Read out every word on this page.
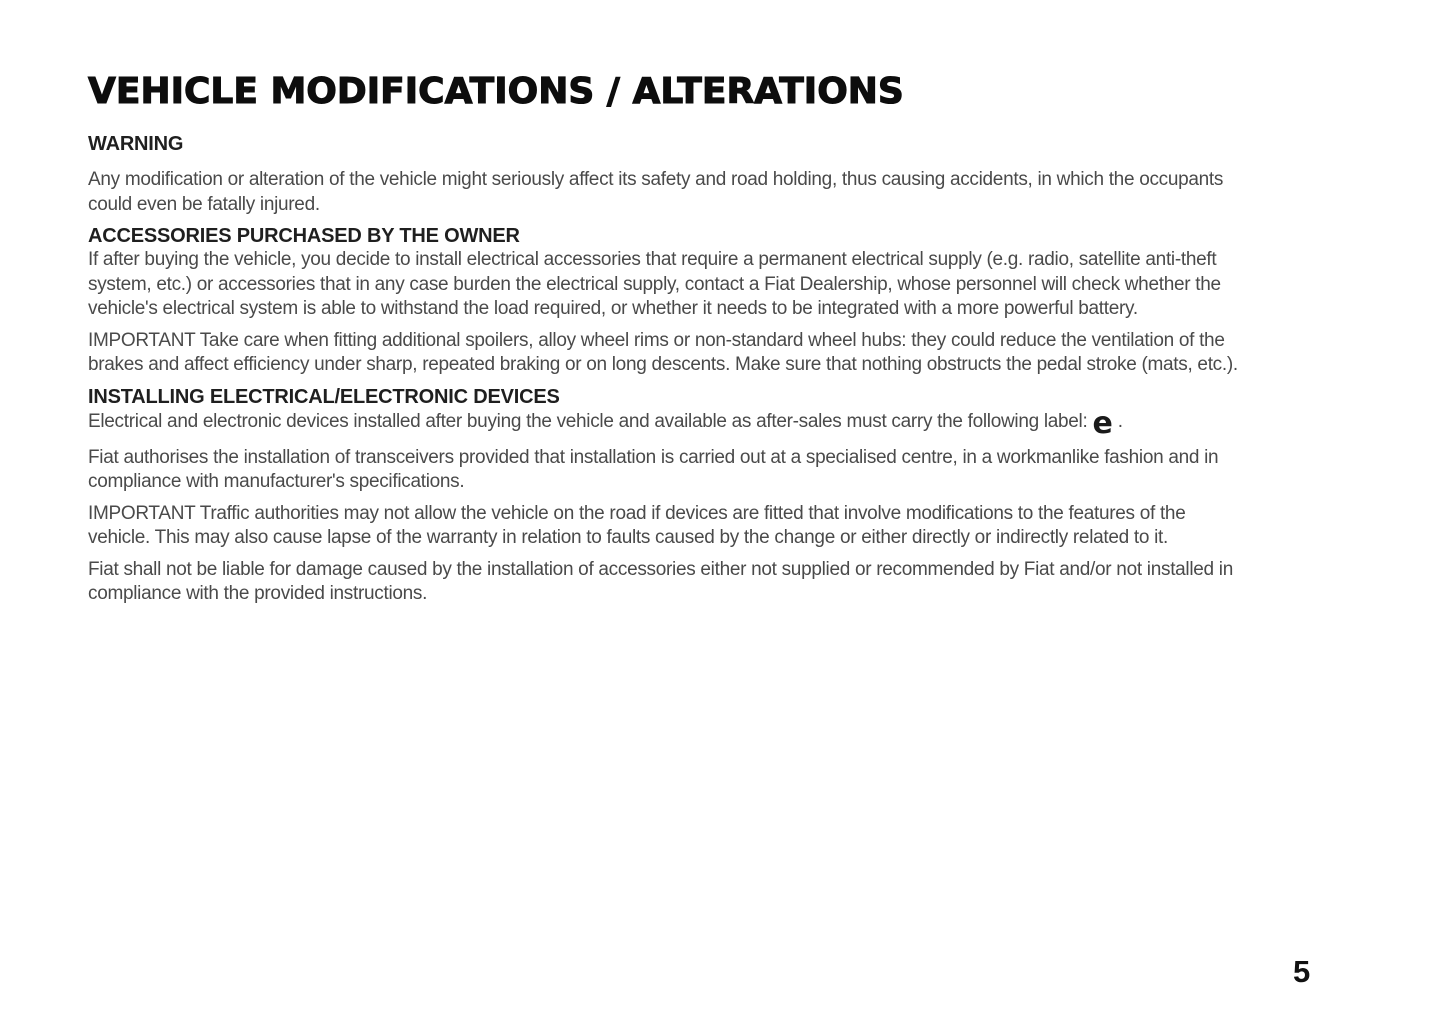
VEHICLE MODIFICATIONS / ALTERATIONS
WARNING

Any modification or alteration of the vehicle might seriously affect its safety and road holding, thus causing accidents, in which the occupants could even be fatally injured.

ACCESSORIES PURCHASED BY THE OWNER

If after buying the vehicle, you decide to install electrical accessories that require a permanent electrical supply (e.g. radio, satellite anti-theft system, etc.) or accessories that in any case burden the electrical supply, contact a Fiat Dealership, whose personnel will check whether the vehicle's electrical system is able to withstand the load required, or whether it needs to be integrated with a more powerful battery.

IMPORTANT Take care when fitting additional spoilers, alloy wheel rims or non-standard wheel hubs: they could reduce the ventilation of the brakes and affect efficiency under sharp, repeated braking or on long descents. Make sure that nothing obstructs the pedal stroke (mats, etc.).

INSTALLING ELECTRICAL/ELECTRONIC DEVICES

Electrical and electronic devices installed after buying the vehicle and available as after-sales must carry the following label: e .

Fiat authorises the installation of transceivers provided that installation is carried out at a specialised centre, in a workmanlike fashion and in compliance with manufacturer's specifications.

IMPORTANT Traffic authorities may not allow the vehicle on the road if devices are fitted that involve modifications to the features of the vehicle. This may also cause lapse of the warranty in relation to faults caused by the change or either directly or indirectly related to it.

Fiat shall not be liable for damage caused by the installation of accessories either not supplied or recommended by Fiat and/or not installed in compliance with the provided instructions.

5
